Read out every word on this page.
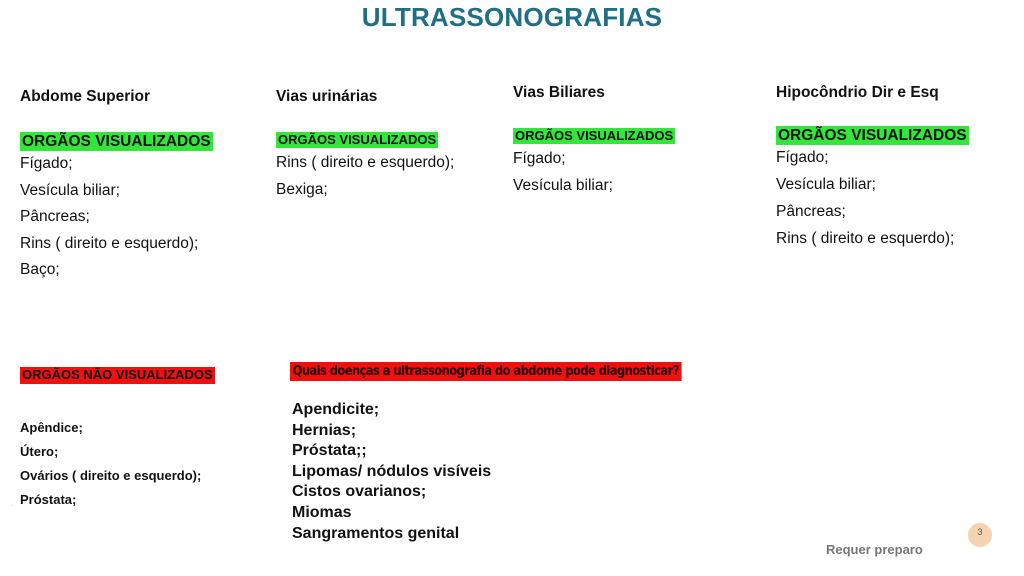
ULTRASSONOGRAFIAS
Abdome Superior
ORGÃOS VISUALIZADOS
Fígado;
Vesícula biliar;
Pâncreas;
Rins ( direito e esquerdo);
Baço;
Vias urinárias
ORGÃOS VISUALIZADOS
Rins ( direito e esquerdo);
Bexiga;
Vias Biliares
ORGÃOS VISUALIZADOS
Fígado;
Vesícula biliar;
Hipocôndrio Dir e Esq
ORGÃOS VISUALIZADOS
Fígado;
Vesícula biliar;
Pâncreas;
Rins ( direito e esquerdo);
ORGÃOS NÃO VISUALIZADOS
Apêndice;
Útero;
Ovários ( direito e esquerdo);
Próstata;
.
Quais doenças a ultrassonografia do abdome pode diagnosticar?
Apendicite;
Hernias;
Próstata;;
Lipomas/ nódulos visíveis
Cistos ovarianos;
Miomas
Sangramentos genital	3
Requer preparo
